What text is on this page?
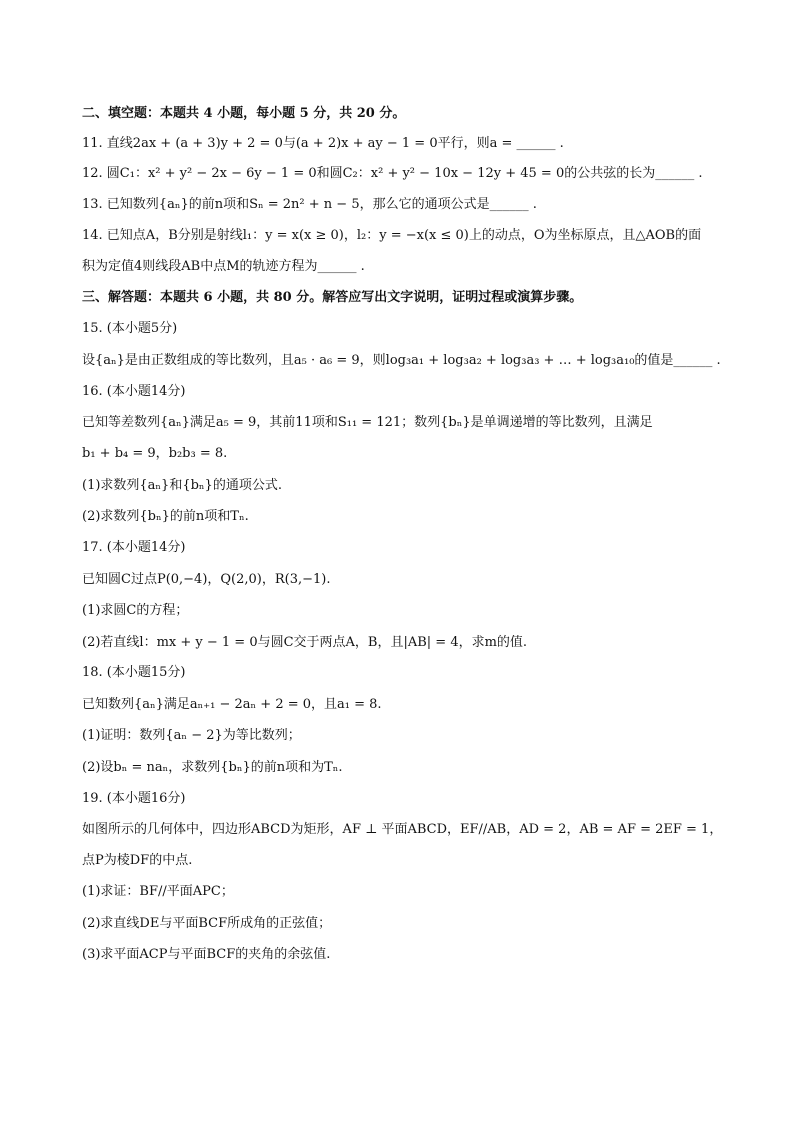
二、填空题：本题共 4 小题，每小题 5 分，共 20 分。
11. 直线2ax + (a + 3)y + 2 = 0与(a + 2)x + ay − 1 = 0平行，则a = ______ .
12. 圆C₁：x² + y² − 2x − 6y − 1 = 0和圆C₂：x² + y² − 10x − 12y + 45 = 0的公共弦的长为______ .
13. 已知数列{aₙ}的前n项和Sₙ = 2n² + n − 5，那么它的通项公式是______ .
14. 已知点A，B分别是射线l₁：y = x(x ≥ 0)，l₂：y = −x(x ≤ 0)上的动点，O为坐标原点，且△AOB的面
积为定值4则线段AB中点M的轨迹方程为______ .
三、解答题：本题共 6 小题，共 80 分。解答应写出文字说明，证明过程或演算步骤。
15. (本小题5分)
设{aₙ}是由正数组成的等比数列，且a₅ · a₆ = 9，则log₃a₁ + log₃a₂ + log₃a₃ + … + log₃a₁₀的值是______ .
16. (本小题14分)
已知等差数列{aₙ}满足a₅ = 9，其前11项和S₁₁ = 121；数列{bₙ}是单调递增的等比数列，且满足
b₁ + b₄ = 9，b₂b₃ = 8.
(1)求数列{aₙ}和{bₙ}的通项公式.
(2)求数列{bₙ}的前n项和Tₙ.
17. (本小题14分)
已知圆C过点P(0,−4)，Q(2,0)，R(3,−1).
(1)求圆C的方程；
(2)若直线l：mx + y − 1 = 0与圆C交于两点A，B，且|AB| = 4，求m的值.
18. (本小题15分)
已知数列{aₙ}满足aₙ₊₁ − 2aₙ + 2 = 0，且a₁ = 8.
(1)证明：数列{aₙ − 2}为等比数列；
(2)设bₙ = naₙ，求数列{bₙ}的前n项和为Tₙ.
19. (本小题16分)
如图所示的几何体中，四边形ABCD为矩形，AF ⊥ 平面ABCD，EF//AB，AD = 2，AB = AF = 2EF = 1，
点P为棱DF的中点.
(1)求证：BF//平面APC；
(2)求直线DE与平面BCF所成角的正弦值；
(3)求平面ACP与平面BCF的夹角的余弦值.
